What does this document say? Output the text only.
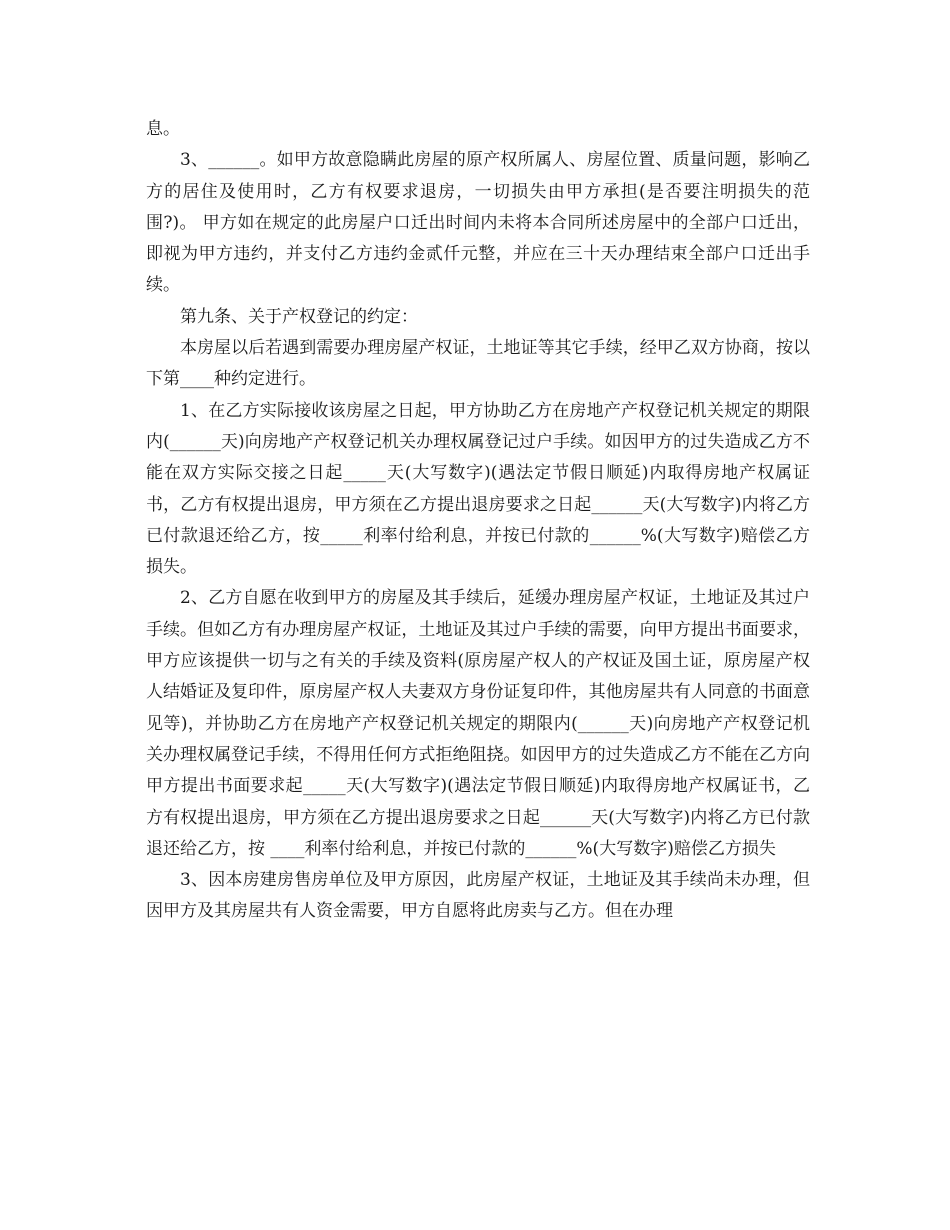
息。

3、______。如甲方故意隐瞒此房屋的原产权所属人、房屋位置、质量问题，影响乙方的居住及使用时，乙方有权要求退房，一切损失由甲方承担(是否要注明损失的范围?)。 甲方如在规定的此房屋户口迁出时间内未将本合同所述房屋中的全部户口迁出，即视为甲方违约，并支付乙方违约金贰仟元整，并应在三十天办理结束全部户口迁出手续。

第九条、关于产权登记的约定：

本房屋以后若遇到需要办理房屋产权证，土地证等其它手续，经甲乙双方协商，按以下第____种约定进行。

1、在乙方实际接收该房屋之日起，甲方协助乙方在房地产产权登记机关规定的期限内(______天)向房地产产权登记机关办理权属登记过户手续。如因甲方的过失造成乙方不能在双方实际交接之日起_____天(大写数字)(遇法定节假日顺延)内取得房地产权属证书，乙方有权提出退房，甲方须在乙方提出退房要求之日起______天(大写数字)内将乙方已付款退还给乙方，按_____利率付给利息，并按已付款的______%(大写数字)赔偿乙方损失。

2、乙方自愿在收到甲方的房屋及其手续后，延缓办理房屋产权证，土地证及其过户手续。但如乙方有办理房屋产权证，土地证及其过户手续的需要，向甲方提出书面要求，甲方应该提供一切与之有关的手续及资料(原房屋产权人的产权证及国土证，原房屋产权人结婚证及复印件，原房屋产权人夫妻双方身份证复印件，其他房屋共有人同意的书面意见等)，并协助乙方在房地产产权登记机关规定的期限内(______天)向房地产产权登记机关办理权属登记手续，不得用任何方式拒绝阻挠。如因甲方的过失造成乙方不能在乙方向甲方提出书面要求起_____天(大写数字)(遇法定节假日顺延)内取得房地产权属证书，乙方有权提出退房，甲方须在乙方提出退房要求之日起______天(大写数字)内将乙方已付款退还给乙方，按 ____利率付给利息，并按已付款的______%(大写数字)赔偿乙方损失

3、因本房建房售房单位及甲方原因，此房屋产权证，土地证及其手续尚未办理，但因甲方及其房屋共有人资金需要，甲方自愿将此房卖与乙方。但在办理
